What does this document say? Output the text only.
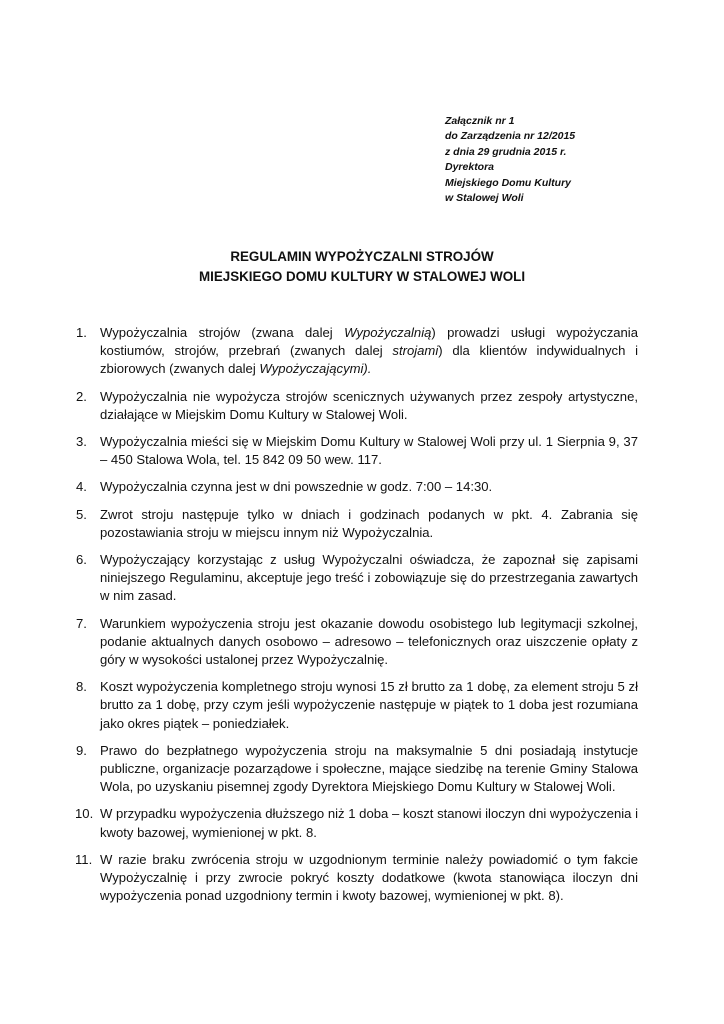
Załącznik nr 1
do Zarządzenia nr 12/2015
z dnia 29 grudnia 2015 r.
Dyrektora
Miejskiego Domu Kultury
w Stalowej Woli
REGULAMIN WYPOŻYCZALNI STROJÓW
MIEJSKIEGO DOMU KULTURY W STALOWEJ WOLI
1. Wypożyczalnia strojów (zwana dalej Wypożyczalnią) prowadzi usługi wypożyczania kostiumów, strojów, przebrań (zwanych dalej strojami) dla klientów indywidualnych i zbiorowych (zwanych dalej Wypożyczającymi).
2. Wypożyczalnia nie wypożycza strojów scenicznych używanych przez zespoły artystyczne, działające w Miejskim Domu Kultury w Stalowej Woli.
3. Wypożyczalnia mieści się w Miejskim Domu Kultury w Stalowej Woli przy ul. 1 Sierpnia 9, 37 – 450 Stalowa Wola, tel. 15 842 09 50 wew. 117.
4. Wypożyczalnia czynna jest w dni powszednie w godz. 7:00 – 14:30.
5. Zwrot stroju następuje tylko w dniach i godzinach podanych w pkt. 4. Zabrania się pozostawiania stroju w miejscu innym niż Wypożyczalnia.
6. Wypożyczający korzystając z usług Wypożyczalni oświadcza, że zapoznał się zapisami niniejszego Regulaminu, akceptuje jego treść i zobowiązuje się do przestrzegania zawartych w nim zasad.
7. Warunkiem wypożyczenia stroju jest okazanie dowodu osobistego lub legitymacji szkolnej, podanie aktualnych danych osobowo – adresowo – telefonicznych oraz uiszczenie opłaty z góry w wysokości ustalonej przez Wypożyczalnię.
8. Koszt wypożyczenia kompletnego stroju wynosi 15 zł brutto za 1 dobę, za element stroju 5 zł brutto za 1 dobę, przy czym jeśli wypożyczenie następuje w piątek to 1 doba jest rozumiana jako okres piątek – poniedziałek.
9. Prawo do bezpłatnego wypożyczenia stroju na maksymalnie 5 dni posiadają instytucje publiczne, organizacje pozarządowe i społeczne, mające siedzibę na terenie Gminy Stalowa Wola, po uzyskaniu pisemnej zgody Dyrektora Miejskiego Domu Kultury w Stalowej Woli.
10. W przypadku wypożyczenia dłuższego niż 1 doba – koszt stanowi iloczyn dni wypożyczenia i kwoty bazowej, wymienionej w pkt. 8.
11. W razie braku zwrócenia stroju w uzgodnionym terminie należy powiadomić o tym fakcie Wypożyczalnię i przy zwrocie pokryć koszty dodatkowe (kwota stanowiąca iloczyn dni wypożyczenia ponad uzgodniony termin i kwoty bazowej, wymienionej w pkt. 8).
